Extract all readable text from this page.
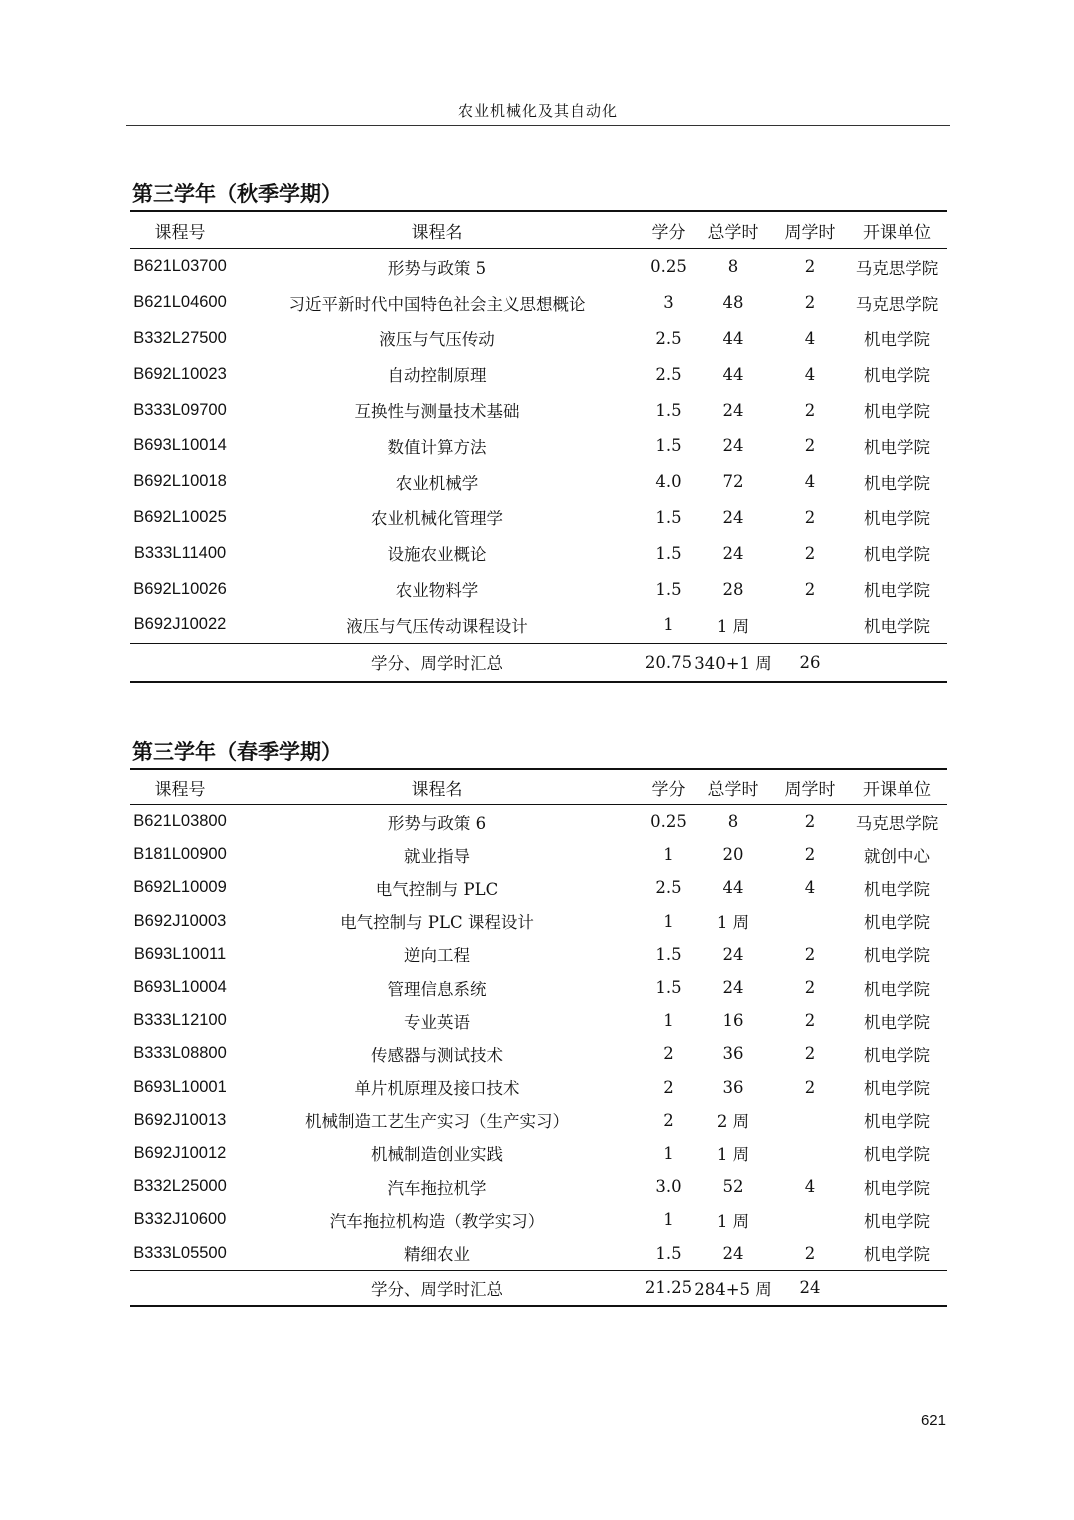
农业机械化及其自动化
第三学年（秋季学期）
课程号	课程名	学分	总学时	周学时	开课单位
B621L03700	形势与政策 5	0.25	8	2	马克思学院
B621L04600	习近平新时代中国特色社会主义思想概论	3	48	2	马克思学院
B332L27500	液压与气压传动	2.5	44	4	机电学院
B692L10023	自动控制原理	2.5	44	4	机电学院
B333L09700	互换性与测量技术基础	1.5	24	2	机电学院
B693L10014	数值计算方法	1.5	24	2	机电学院
B692L10018	农业机械学	4.0	72	4	机电学院
B692L10025	农业机械化管理学	1.5	24	2	机电学院
B333L11400	设施农业概论	1.5	24	2	机电学院
B692L10026	农业物料学	1.5	28	2	机电学院
B692J10022	液压与气压传动课程设计	1	1 周		机电学院
	学分、周学时汇总	20.75	340+1 周	26	
第三学年（春季学期）
课程号	课程名	学分	总学时	周学时	开课单位
B621L03800	形势与政策 6	0.25	8	2	马克思学院
B181L00900	就业指导	1	20	2	就创中心
B692L10009	电气控制与 PLC	2.5	44	4	机电学院
B692J10003	电气控制与 PLC 课程设计	1	1 周		机电学院
B693L10011	逆向工程	1.5	24	2	机电学院
B693L10004	管理信息系统	1.5	24	2	机电学院
B333L12100	专业英语	1	16	2	机电学院
B333L08800	传感器与测试技术	2	36	2	机电学院
B693L10001	单片机原理及接口技术	2	36	2	机电学院
B692J10013	机械制造工艺生产实习（生产实习）	2	2 周		机电学院
B692J10012	机械制造创业实践	1	1 周		机电学院
B332L25000	汽车拖拉机学	3.0	52	4	机电学院
B332J10600	汽车拖拉机构造（教学实习）	1	1 周		机电学院
B333L05500	精细农业	1.5	24	2	机电学院
	学分、周学时汇总	21.25	284+5 周	24	
621
